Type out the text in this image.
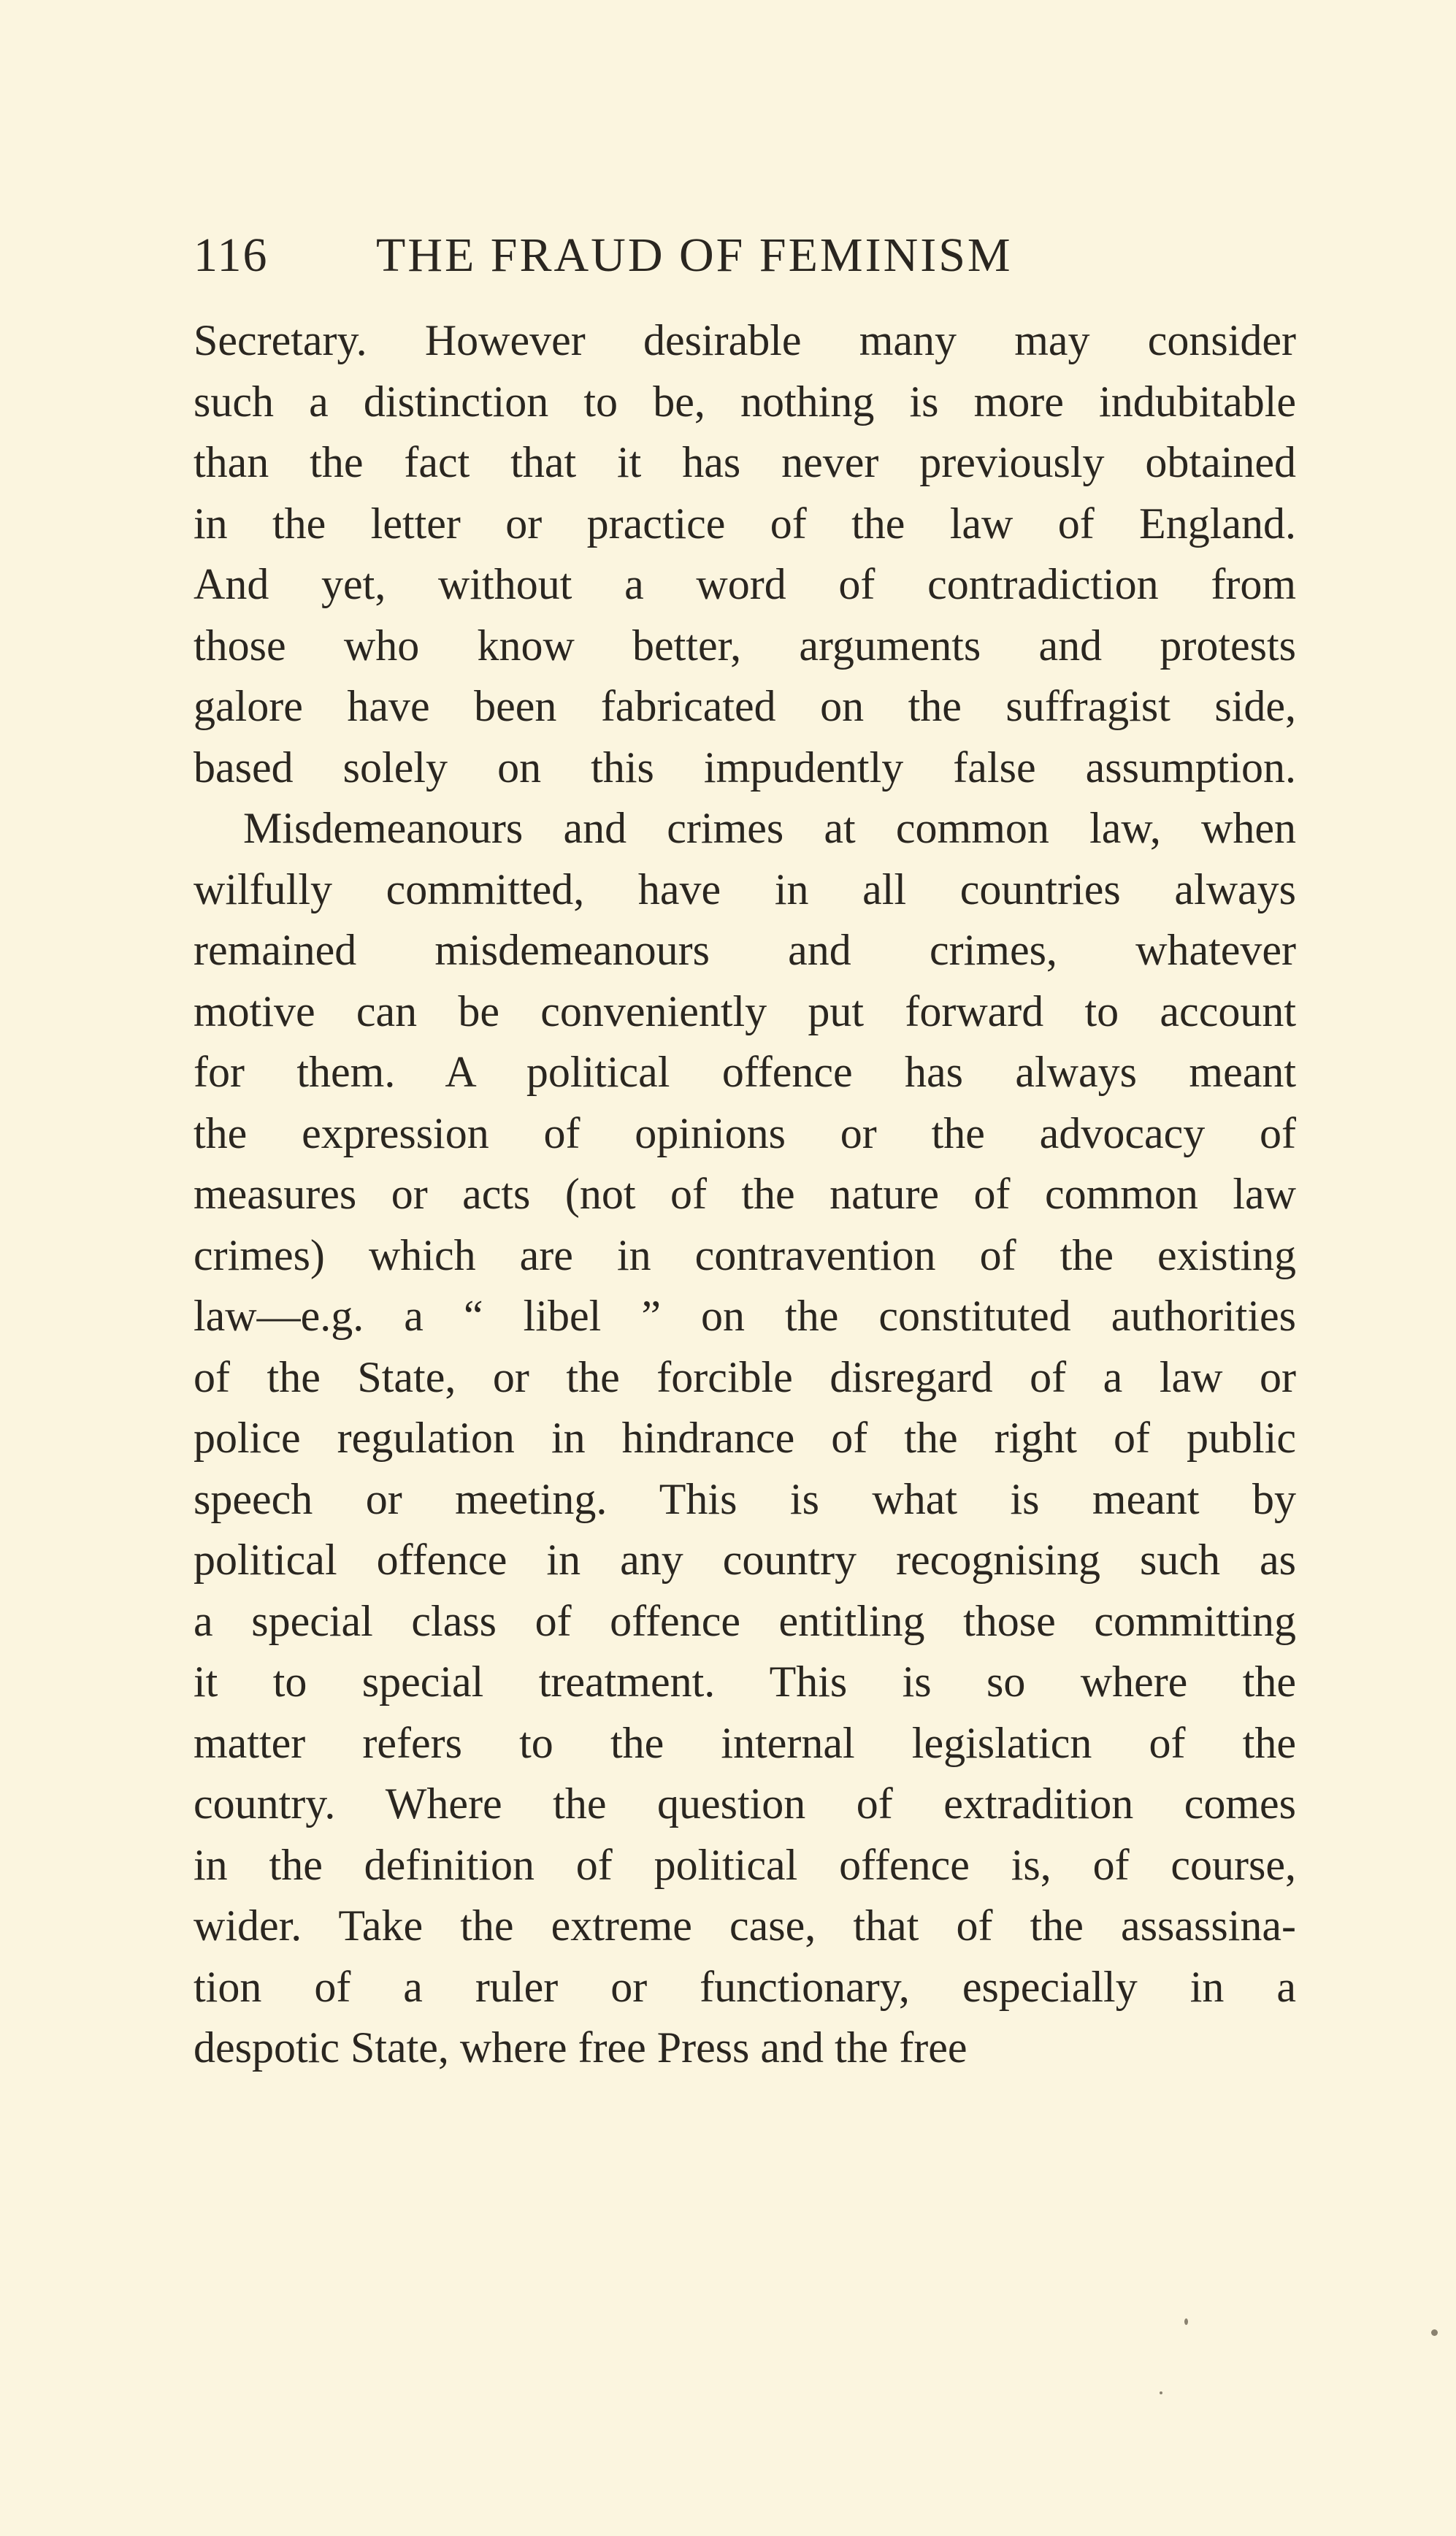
116 THE FRAUD OF FEMINISM
Secretary. However desirable many may consider
such a distinction to be, nothing is more indubitable
than the fact that it has never previously obtained
in the letter or practice of the law of England.
And yet, without a word of contradiction from
those who know better, arguments and protests
galore have been fabricated on the suffragist side,
based solely on this impudently false assumption.
Misdemeanours and crimes at common law, when
wilfully committed, have in all countries always
remained misdemeanours and crimes, whatever
motive can be conveniently put forward to account
for them. A political offence has always meant
the expression of opinions or the advocacy of
measures or acts (not of the nature of common law
crimes) which are in contravention of the existing
law—e.g. a “ libel ” on the constituted authorities
of the State, or the forcible disregard of a law or
police regulation in hindrance of the right of public
speech or meeting. This is what is meant by
political offence in any country recognising such as
a special class of offence entitling those committing
it to special treatment. This is so where the
matter refers to the internal legislaticn of the
country. Where the question of extradition comes
in the definition of political offence is, of course,
wider. Take the extreme case, that of the assassina-
tion of a ruler or functionary, especially in a
despotic State, where free Press and the free
